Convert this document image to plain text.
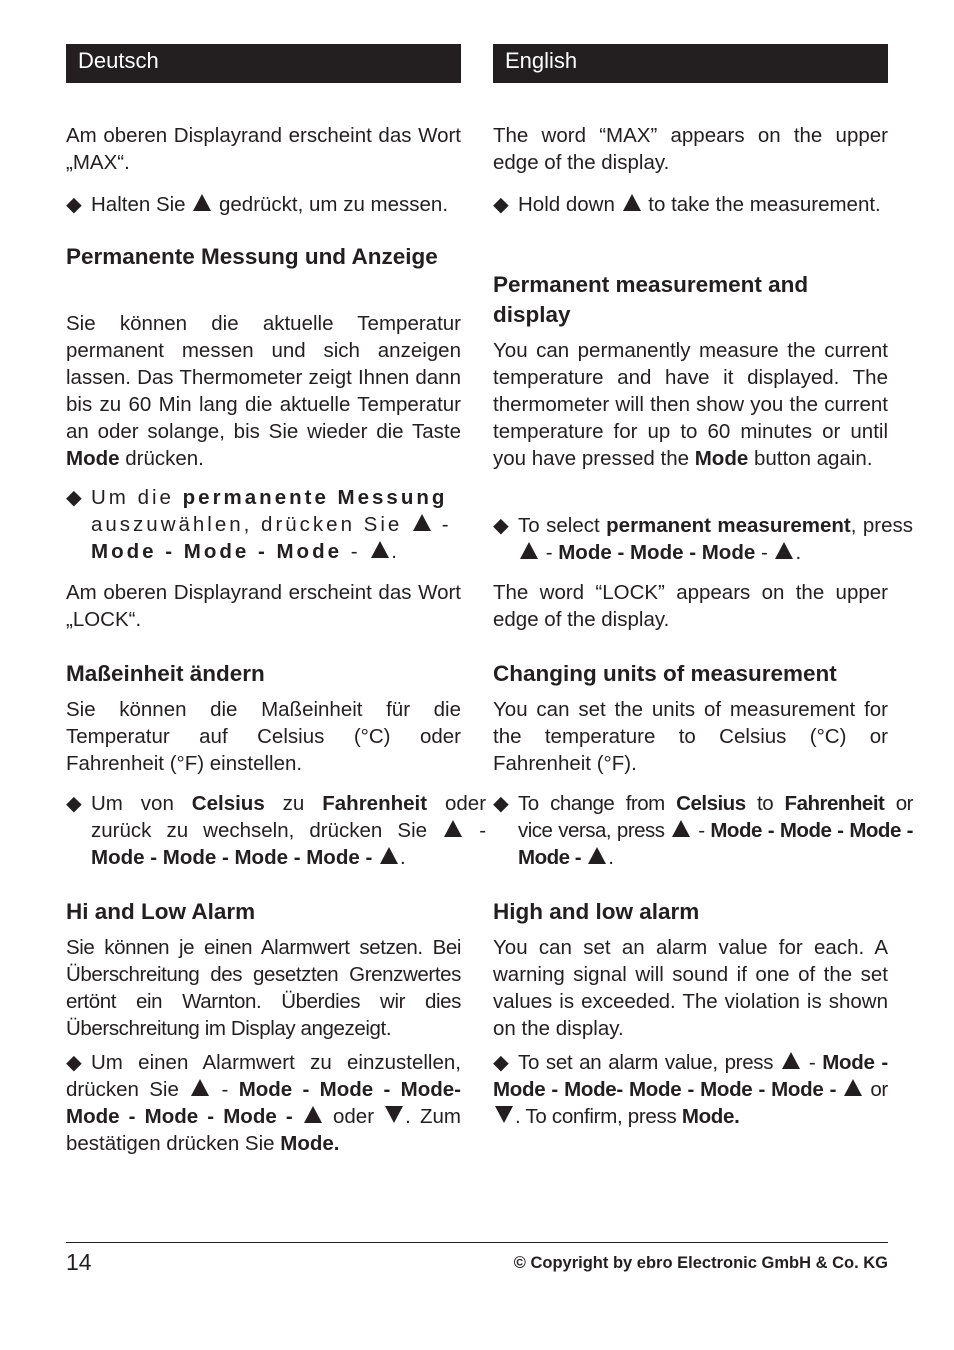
Deutsch

Am oberen Displayrand erscheint das Wort „MAX“.

◆ Halten Sie gedrückt, um zu messen.

Permanente Messung und Anzeige

Sie können die aktuelle Temperatur permanent messen und sich anzeigen lassen. Das Thermometer zeigt Ihnen dann bis zu 60 Min lang die aktuelle Temperatur an oder solange, bis Sie wieder die Taste Mode drücken.

◆ Um die permanente Messung auszuwählen, drücken Sie - Mode - Mode - Mode - .

Am oberen Displayrand erscheint das Wort „LOCK“.

Maßeinheit ändern

Sie können die Maßeinheit für die Temperatur auf Celsius (°C) oder Fahrenheit (°F) einstellen.

◆ Um von Celsius zu Fahrenheit oder zurück zu wechseln, drücken Sie	- Mode - Mode - Mode - Mode - .

Hi and Low Alarm

Sie können je einen Alarmwert setzen. Bei Überschreitung des gesetzten Grenzwertes ertönt ein Warnton. Überdies wir dies Überschreitung im Display angezeigt.

◆ Um einen Alarmwert zu einzustellen, drücken Sie - Mode - Mode - Mode- Mode - Mode - Mode - oder . Zum bestätigen drücken Sie Mode.

English

The word “MAX” appears on the upper edge of the display.

◆ Hold down to take the measurement.

Permanent measurement and display

You can permanently measure the current temperature and have it displayed. The thermometer will then show you the current temperature for up to 60 minutes or until you have pressed the Mode button again.

◆ To select permanent measurement, press  - Mode - Mode - Mode - .

The word “LOCK” appears on the upper edge of the display.

Changing units of measurement

You can set the units of measurement for the temperature to Celsius (°C) or Fahrenheit (°F).

◆ To change from Celsius to Fahrenheit or vice versa, press - Mode - Mode - Mode - Mode - .

High and low alarm

You can set an alarm value for each. A warning signal will sound if one of the set values is exceeded. The violation is shown on the display.

◆ To set an alarm value, press - Mode - Mode - Mode- Mode - Mode - Mode - or . To confirm, press Mode.

14	© Copyright by ebro Electronic GmbH & Co. KG
